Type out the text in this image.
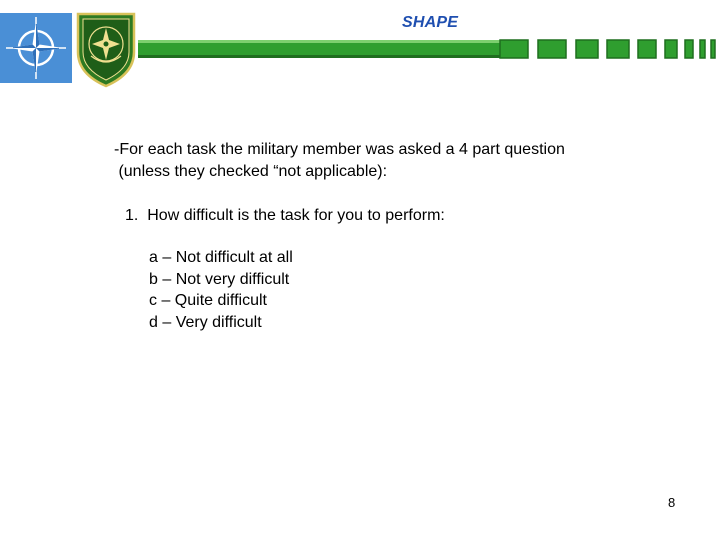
SHAPE
-For each task the military member was asked a 4 part question
(unless they checked “not applicable):
1.  How difficult is the task for you to perform:
a – Not difficult at all
b – Not very difficult
c – Quite difficult
d – Very difficult
8
